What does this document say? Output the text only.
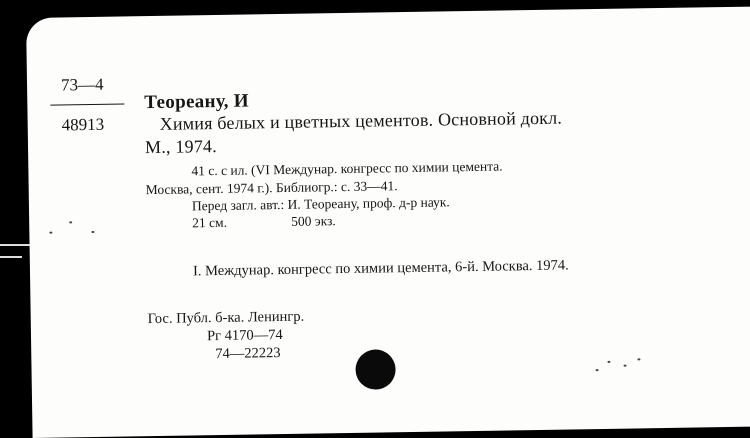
73—4
48913
Теореану, И
Химия белых и цветных цементов. Основной докл.
М., 1974.
41 с. с ил. (VI Междунар. конгресс по химии цемента.
Москва, сент. 1974 г.). Библиогр.: с. 33—41.
Перед загл. авт.: И. Теореану, проф. д-р наук.
21 см.	500 экз.
I. Междунар. конгресс по химии цемента, 6-й. Москва. 1974.
Гос. Публ. б-ка. Ленингр.
Рг 4170—74
74—22223
